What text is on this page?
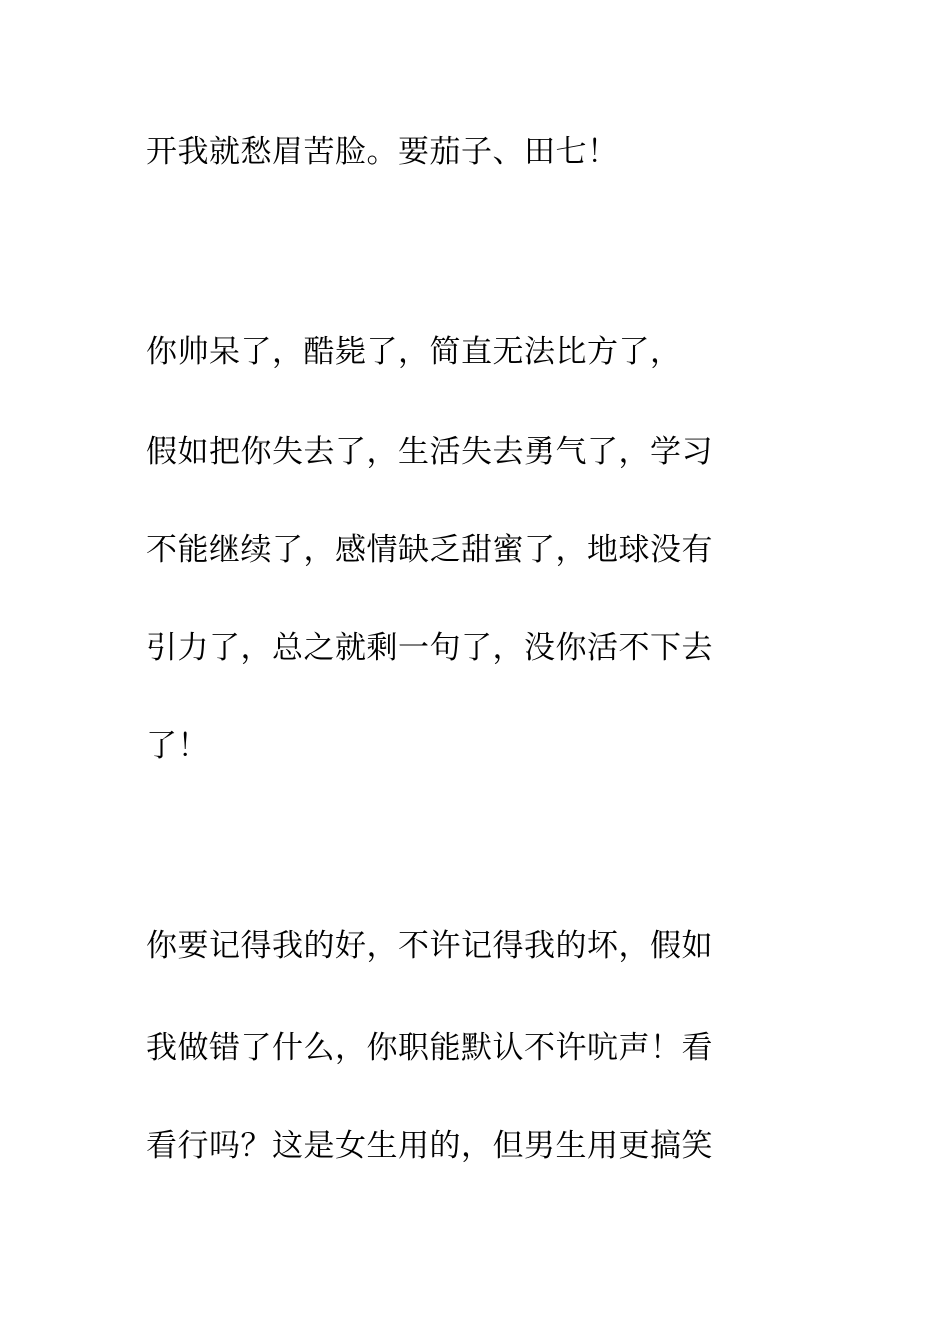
开我就愁眉苦脸。要茄子、田七！
你帅呆了，酷毙了，简直无法比方了，
假如把你失去了，生活失去勇气了，学习
不能继续了，感情缺乏甜蜜了，地球没有
引力了，总之就剩一句了，没你活不下去
了！
你要记得我的好，不许记得我的坏，假如
我做错了什么，你职能默认不许吭声！看
看行吗？这是女生用的，但男生用更搞笑
